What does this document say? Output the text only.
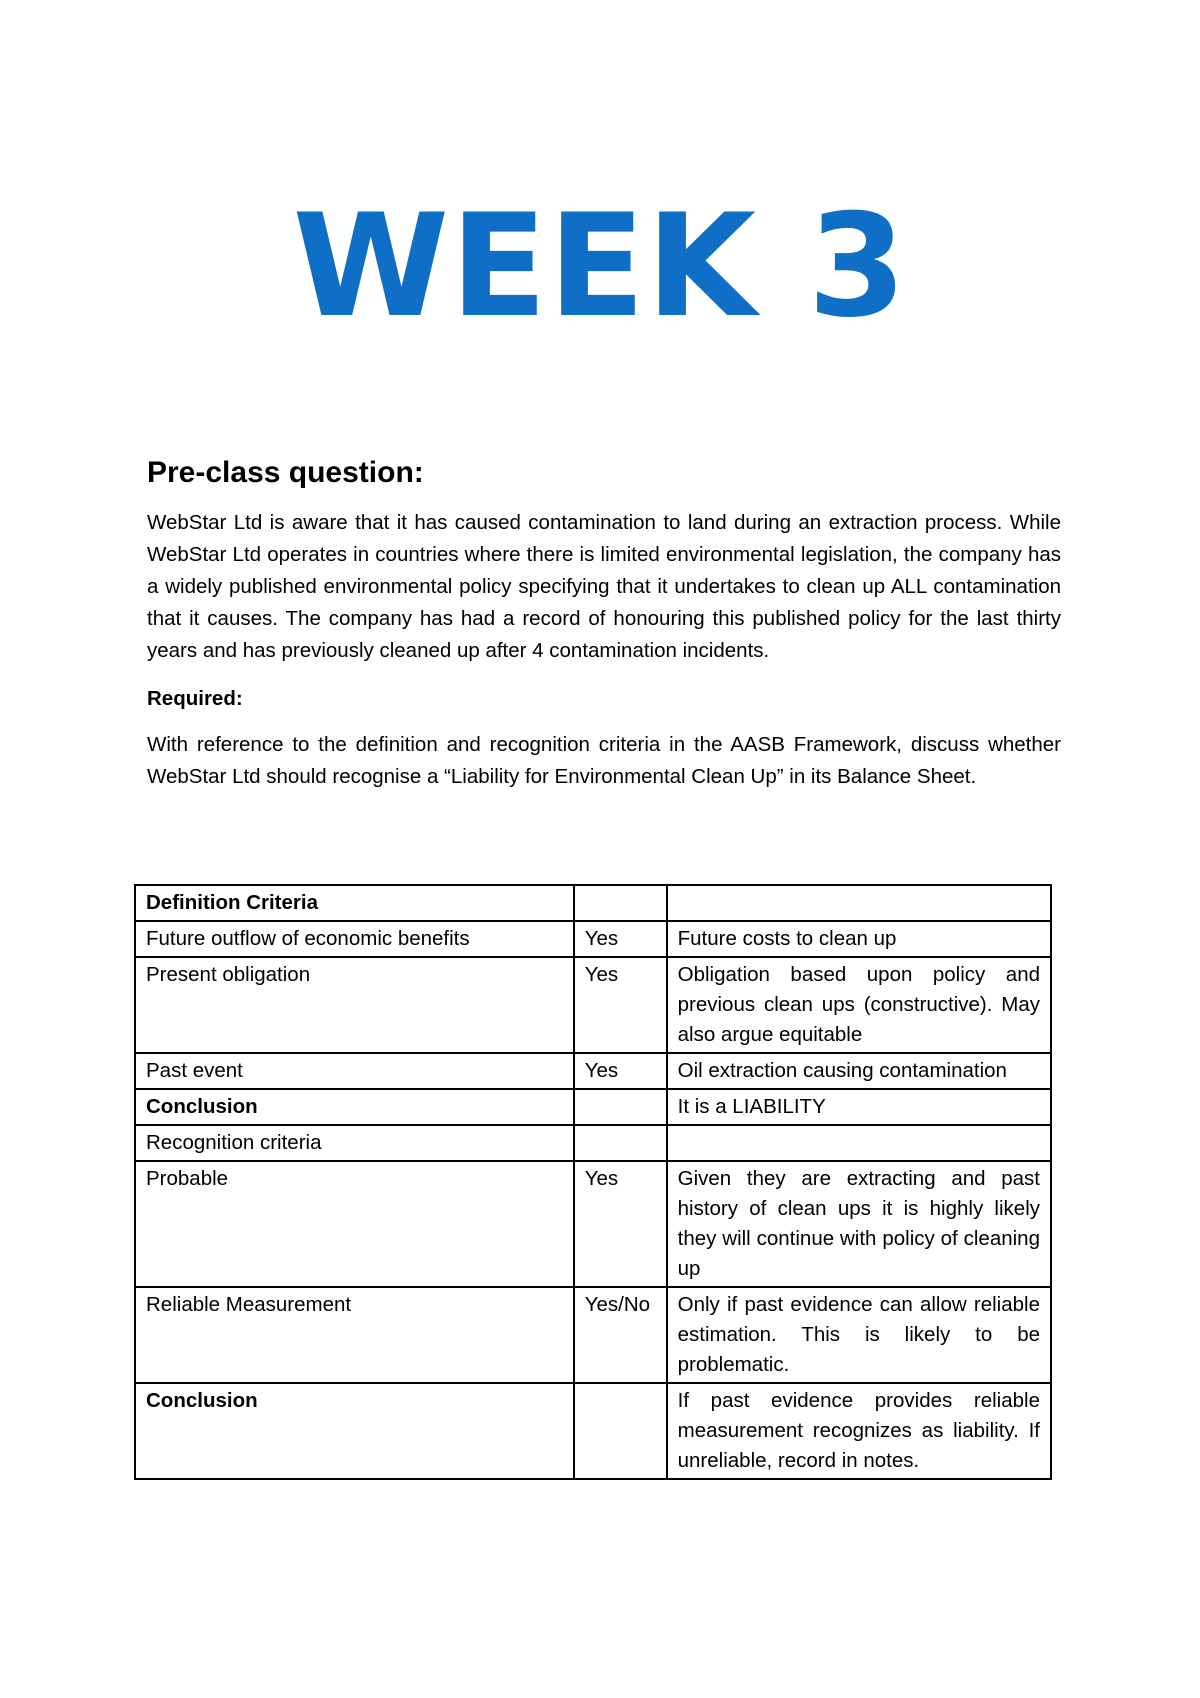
WEEK 3
Pre-class question:
WebStar Ltd is aware that it has caused contamination to land during an extraction process. While WebStar Ltd operates in countries where there is limited environmental legislation, the company has a widely published environmental policy specifying that it undertakes to clean up ALL contamination that it causes. The company has had a record of honouring this published policy for the last thirty years and has previously cleaned up after 4 contamination incidents.
Required:
With reference to the definition and recognition criteria in the AASB Framework, discuss whether WebStar Ltd should recognise a “Liability for Environmental Clean Up” in its Balance Sheet.
Definition Criteria		
Future outflow of economic benefits	Yes	Future costs to clean up
Present obligation	Yes	Obligation based upon policy and previous clean ups (constructive). May also argue equitable
Past event	Yes	Oil extraction causing contamination
Conclusion		It is a LIABILITY
Recognition criteria		
Probable	Yes	Given they are extracting and past history of clean ups it is highly likely they will continue with policy of cleaning up
Reliable Measurement	Yes/No	Only if past evidence can allow reliable estimation. This is likely to be problematic.
Conclusion		If past evidence provides reliable measurement recognizes as liability. If unreliable, record in notes.
